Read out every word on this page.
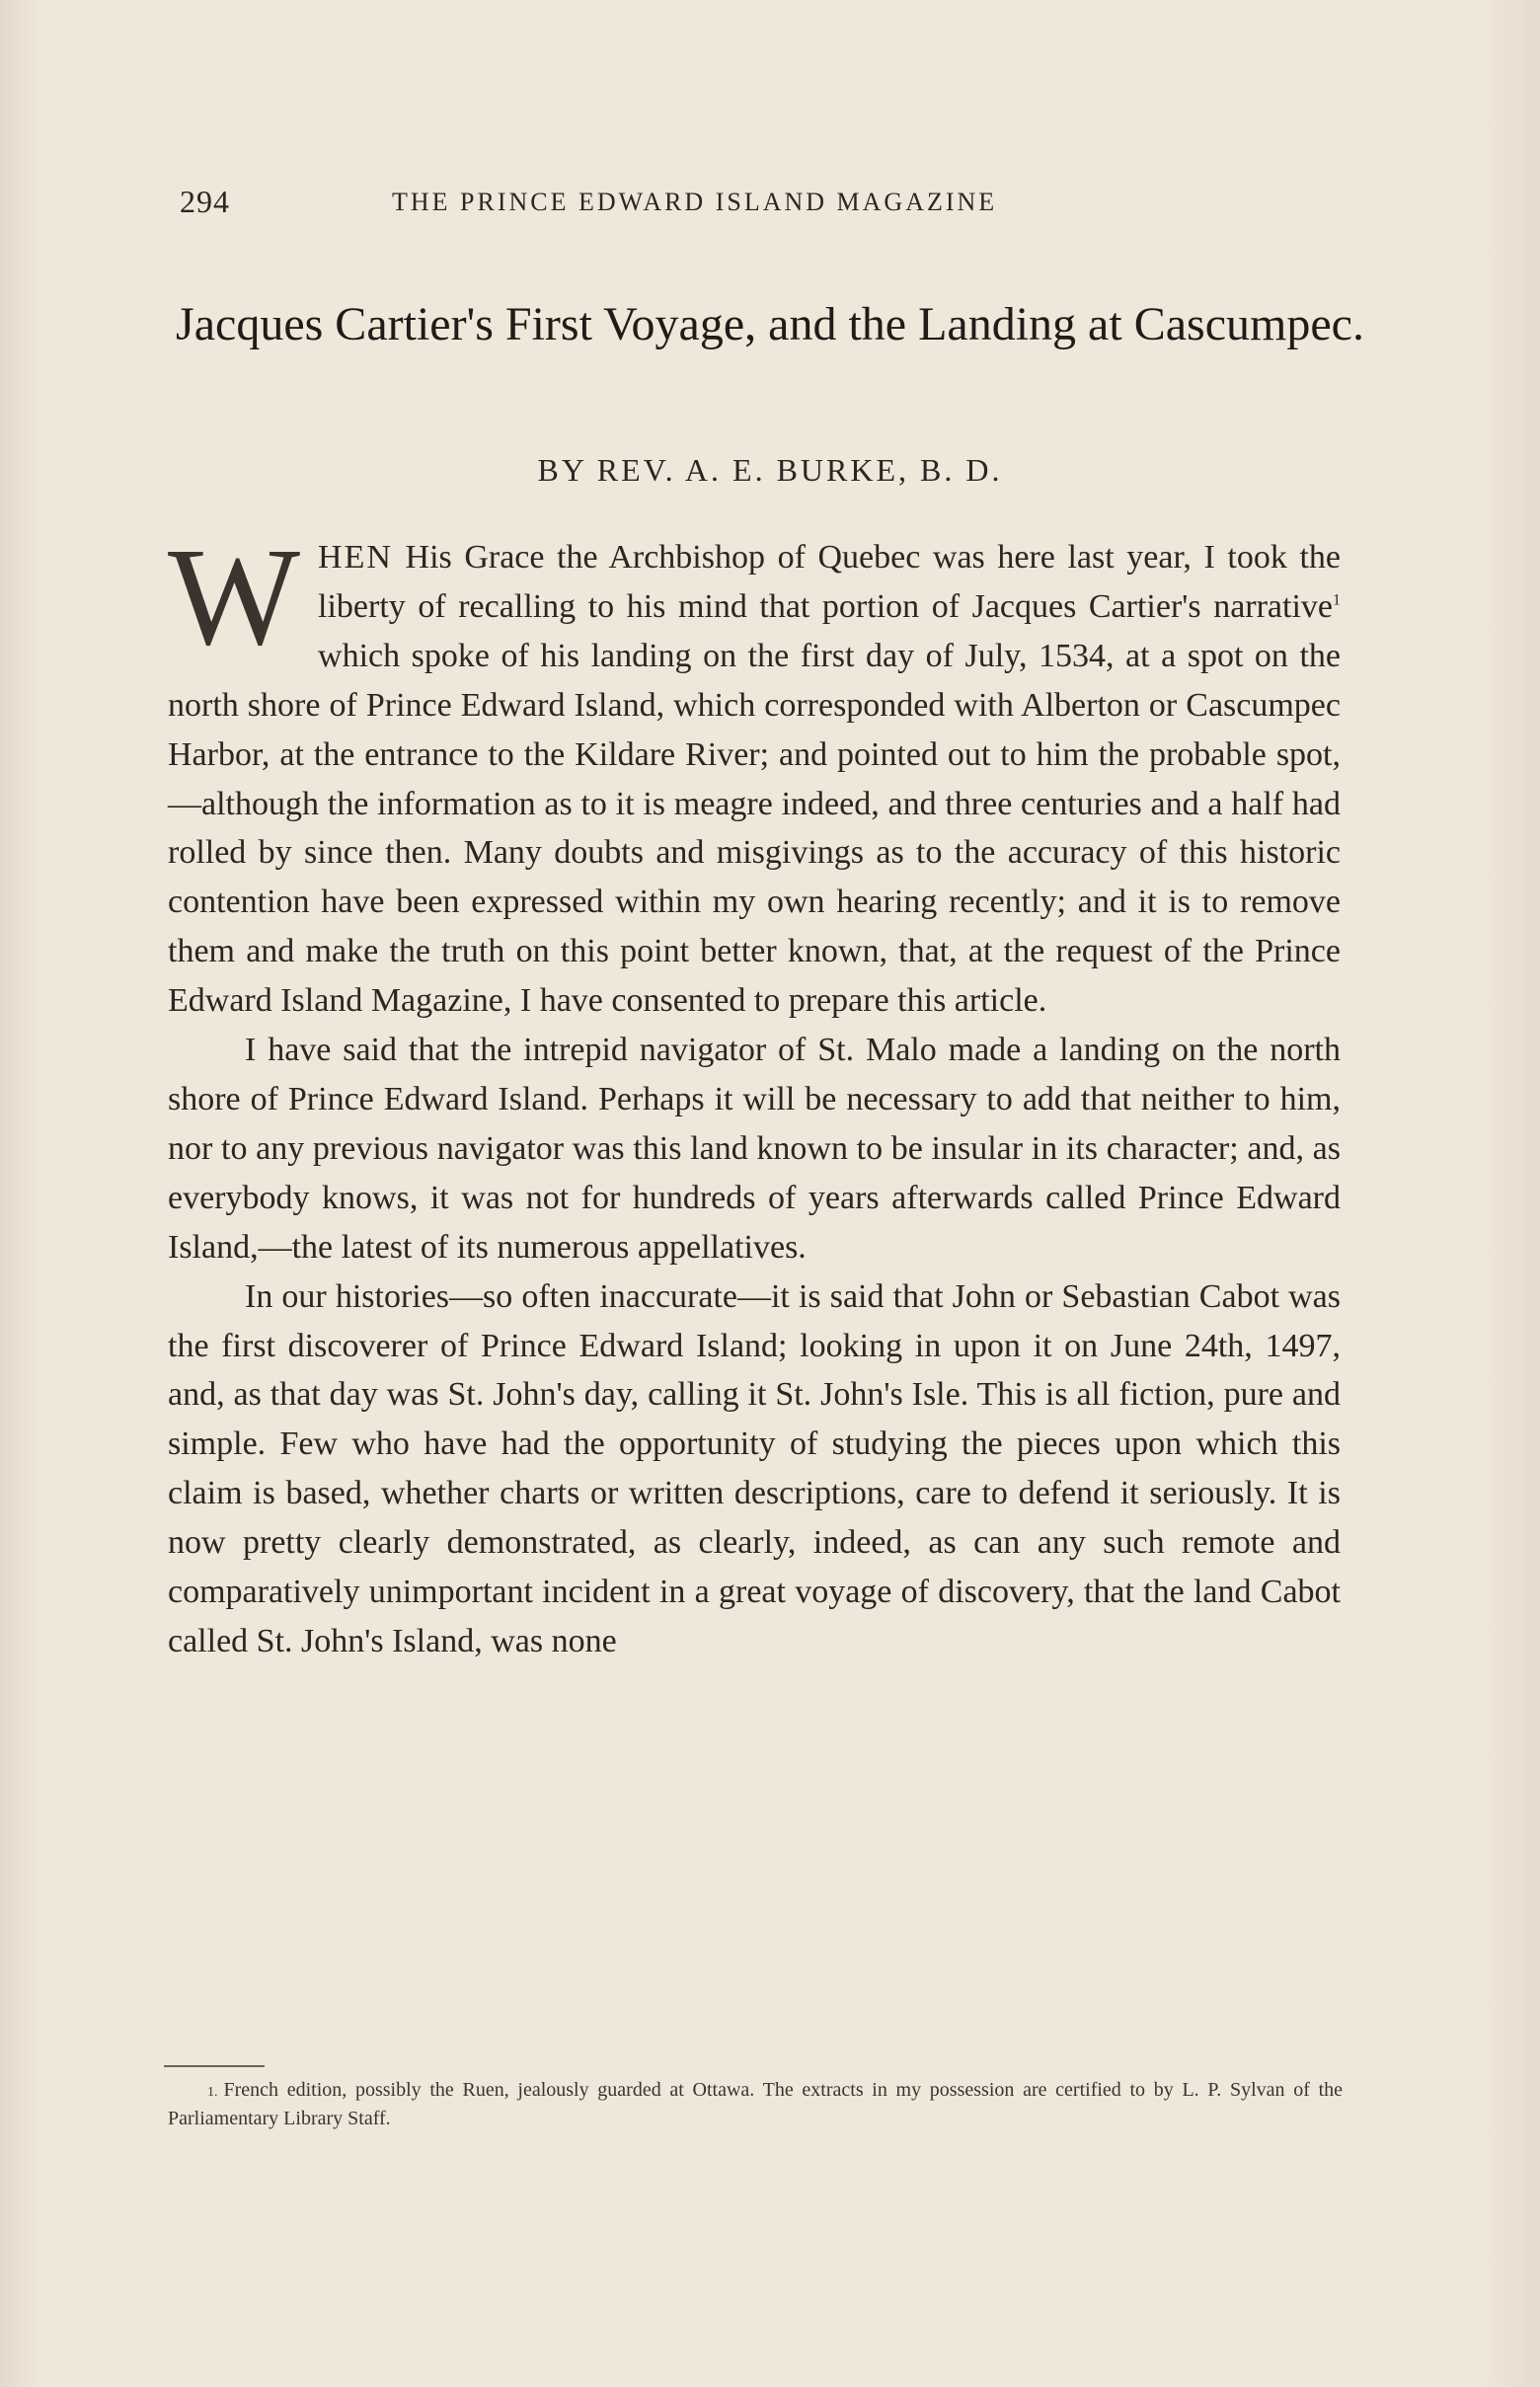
294	THE PRINCE EDWARD ISLAND MAGAZINE
Jacques Cartier's First Voyage, and the Landing at Cascumpec.
BY REV. A. E. BURKE, B. D.

WHEN His Grace the Archbishop of Quebec was here last year, I took the liberty of recalling to his mind that portion of Jacques Cartier's narrative$^1$ which spoke of his landing on the first day of July, 1534, at a spot on the north shore of Prince Edward Island, which corresponded with Alberton or Cascumpec Harbor, at the entrance to the Kildare River; and pointed out to him the probable spot,—although the information as to it is meagre indeed, and three centuries and a half had rolled by since then. Many doubts and misgivings as to the accuracy of this historic contention have been expressed within my own hearing recently; and it is to remove them and make the truth on this point better known, that, at the request of the Prince Edward Island Magazine, I have consented to prepare this article.

I have said that the intrepid navigator of St. Malo made a landing on the north shore of Prince Edward Island. Perhaps it will be necessary to add that neither to him, nor to any previous navigator was this land known to be insular in its character; and, as everybody knows, it was not for hundreds of years afterwards called Prince Edward Island,—the latest of its numerous appellatives.

In our histories—so often inaccurate—it is said that John or Sebastian Cabot was the first discoverer of Prince Edward Island; looking in upon it on June 24th, 1497, and, as that day was St. John's day, calling it St. John's Isle. This is all fiction, pure and simple. Few who have had the opportunity of studying the pieces upon which this claim is based, whether charts or written descriptions, care to defend it seriously. It is now pretty clearly demonstrated, as clearly, indeed, as can any such remote and comparatively unimportant incident in a great voyage of discovery, that the land Cabot called St. John's Island, was none

1. French edition, possibly the Ruen, jealously guarded at Ottawa. The extracts in my possession are certified to by L. P. Sylvan of the Parliamentary Library Staff.
